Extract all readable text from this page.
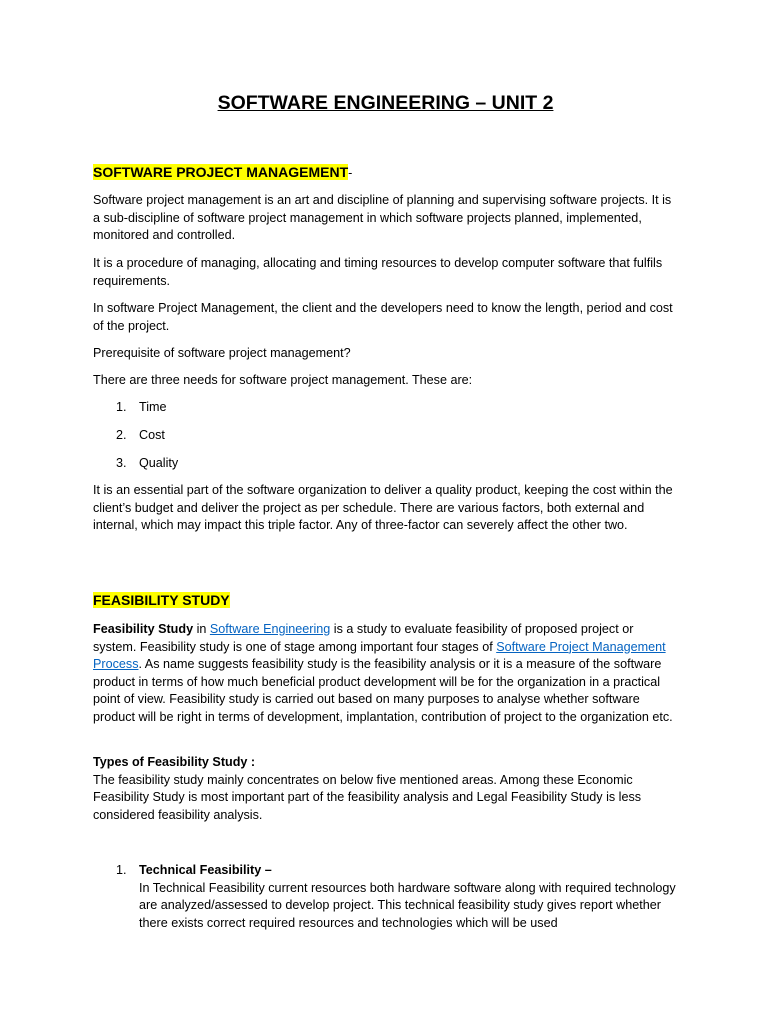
SOFTWARE ENGINEERING – UNIT 2
SOFTWARE PROJECT MANAGEMENT-

Software project management is an art and discipline of planning and supervising software projects. It is a sub-discipline of software project management in which software projects planned, implemented, monitored and controlled.

It is a procedure of managing, allocating and timing resources to develop computer software that fulfils requirements.

In software Project Management, the client and the developers need to know the length, period and cost of the project.

Prerequisite of software project management?

There are three needs for software project management. These are:

1. Time
2. Cost
3. Quality

It is an essential part of the software organization to deliver a quality product, keeping the cost within the client’s budget and deliver the project as per schedule. There are various factors, both external and internal, which may impact this triple factor. Any of three-factor can severely affect the other two.

FEASIBILITY STUDY

Feasibility Study in Software Engineering is a study to evaluate feasibility of proposed project or system. Feasibility study is one of stage among important four stages of Software Project Management Process. As name suggests feasibility study is the feasibility analysis or it is a measure of the software product in terms of how much beneficial product development will be for the organization in a practical point of view. Feasibility study is carried out based on many purposes to analyse whether software product will be right in terms of development, implantation, contribution of project to the organization etc.

Types of Feasibility Study :
The feasibility study mainly concentrates on below five mentioned areas. Among these Economic Feasibility Study is most important part of the feasibility analysis and Legal Feasibility Study is less considered feasibility analysis.

1. Technical Feasibility –
In Technical Feasibility current resources both hardware software along with required technology are analyzed/assessed to develop project. This technical feasibility study gives report whether there exists correct required resources and technologies which will be used
